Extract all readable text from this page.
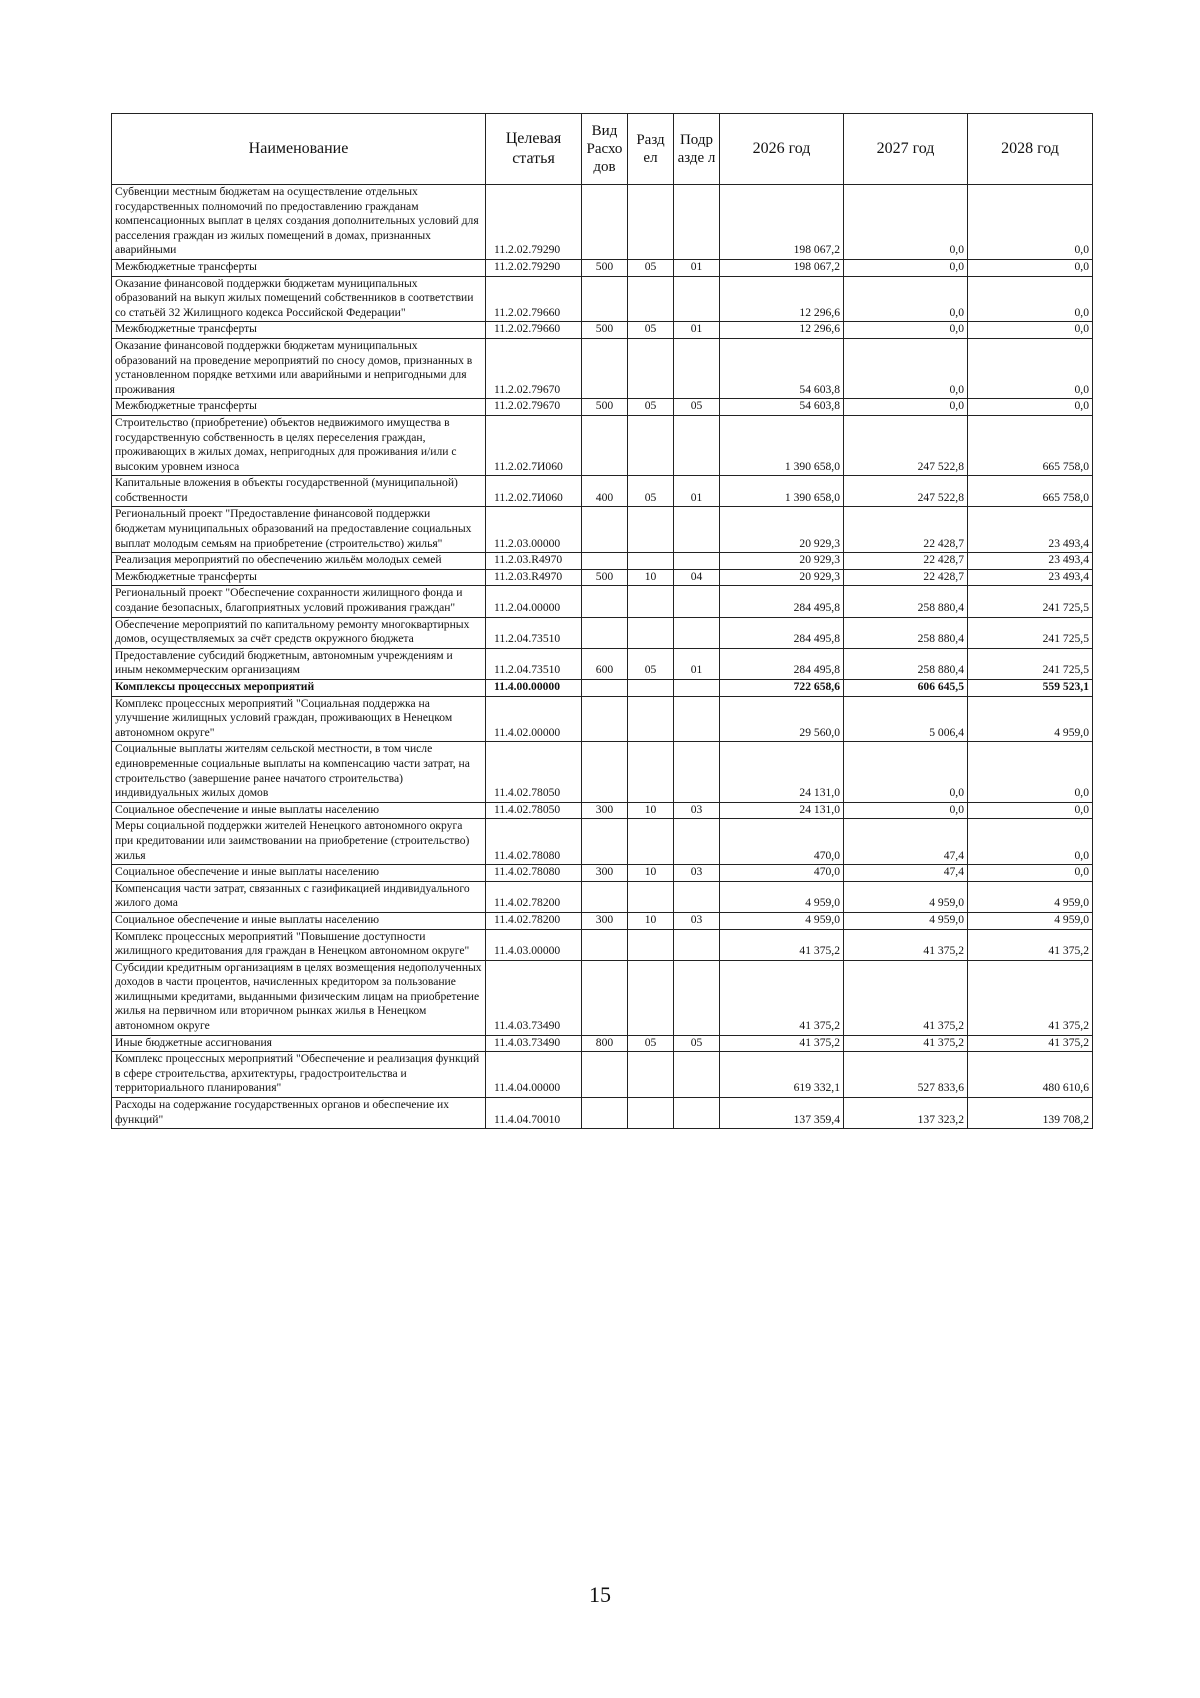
Наименование	Целевая статья	Вид Расхо дов	Разд ел	Подр азде л	2026 год	2027 год	2028 год
Субвенции местным бюджетам на осуществление отдельных государственных полномочий по предоставлению гражданам компенсационных выплат в целях создания дополнительных условий для расселения граждан из жилых помещений в домах, признанных аварийными	11.2.02.79290				198 067,2	0,0	0,0
Межбюджетные трансферты	11.2.02.79290	500	05	01	198 067,2	0,0	0,0
Оказание финансовой поддержки бюджетам муниципальных образований на выкуп жилых помещений собственников в соответствии со статьёй 32 Жилищного кодекса Российской Федерации"	11.2.02.79660				12 296,6	0,0	0,0
Межбюджетные трансферты	11.2.02.79660	500	05	01	12 296,6	0,0	0,0
Оказание финансовой поддержки бюджетам муниципальных образований на проведение мероприятий по сносу домов, признанных в установленном порядке ветхими или аварийными и непригодными для проживания	11.2.02.79670				54 603,8	0,0	0,0
Межбюджетные трансферты	11.2.02.79670	500	05	05	54 603,8	0,0	0,0
Строительство (приобретение) объектов недвижимого имущества в государственную собственность в целях переселения граждан, проживающих в жилых домах, непригодных для проживания и/или с высоким уровнем износа	11.2.02.7И060				1 390 658,0	247 522,8	665 758,0
Капитальные вложения в объекты государственной (муниципальной) собственности	11.2.02.7И060	400	05	01	1 390 658,0	247 522,8	665 758,0
Региональный проект "Предоставление финансовой поддержки бюджетам муниципальных образований на предоставление социальных выплат молодым семьям на приобретение (строительство) жилья"	11.2.03.00000				20 929,3	22 428,7	23 493,4
Реализация мероприятий по обеспечению жильём молодых семей	11.2.03.R4970				20 929,3	22 428,7	23 493,4
Межбюджетные трансферты	11.2.03.R4970	500	10	04	20 929,3	22 428,7	23 493,4
Региональный проект "Обеспечение сохранности жилищного фонда и создание безопасных, благоприятных условий проживания граждан"	11.2.04.00000				284 495,8	258 880,4	241 725,5
Обеспечение мероприятий по капитальному ремонту многоквартирных домов, осуществляемых за счёт средств окружного бюджета	11.2.04.73510				284 495,8	258 880,4	241 725,5
Предоставление субсидий бюджетным, автономным учреждениям и иным некоммерческим организациям	11.2.04.73510	600	05	01	284 495,8	258 880,4	241 725,5
Комплексы процессных мероприятий	11.4.00.00000				722 658,6	606 645,5	559 523,1
Комплекс процессных мероприятий "Социальная поддержка на улучшение жилищных условий граждан, проживающих в Ненецком автономном округе"	11.4.02.00000				29 560,0	5 006,4	4 959,0
Социальные выплаты жителям сельской местности, в том числе единовременные социальные выплаты на компенсацию части затрат, на строительство (завершение ранее начатого строительства) индивидуальных жилых домов	11.4.02.78050				24 131,0	0,0	0,0
Социальное обеспечение и иные выплаты населению	11.4.02.78050	300	10	03	24 131,0	0,0	0,0
Меры социальной поддержки жителей Ненецкого автономного округа при кредитовании или заимствовании на приобретение (строительство) жилья	11.4.02.78080				470,0	47,4	0,0
Социальное обеспечение и иные выплаты населению	11.4.02.78080	300	10	03	470,0	47,4	0,0
Компенсация части затрат, связанных с газификацией индивидуального жилого дома	11.4.02.78200				4 959,0	4 959,0	4 959,0
Социальное обеспечение и иные выплаты населению	11.4.02.78200	300	10	03	4 959,0	4 959,0	4 959,0
Комплекс процессных мероприятий "Повышение доступности жилищного кредитования для граждан в Ненецком автономном округе"	11.4.03.00000				41 375,2	41 375,2	41 375,2
Субсидии кредитным организациям в целях возмещения недополученных доходов в части процентов, начисленных кредитором за пользование жилищными кредитами, выданными физическим лицам на приобретение жилья на первичном или вторичном рынках жилья в Ненецком автономном округе	11.4.03.73490				41 375,2	41 375,2	41 375,2
Иные бюджетные ассигнования	11.4.03.73490	800	05	05	41 375,2	41 375,2	41 375,2
Комплекс процессных мероприятий "Обеспечение и реализация функций в сфере строительства, архитектуры, градостроительства и территориального планирования"	11.4.04.00000				619 332,1	527 833,6	480 610,6
Расходы на содержание государственных органов и обеспечение их функций"	11.4.04.70010				137 359,4	137 323,2	139 708,2
15
